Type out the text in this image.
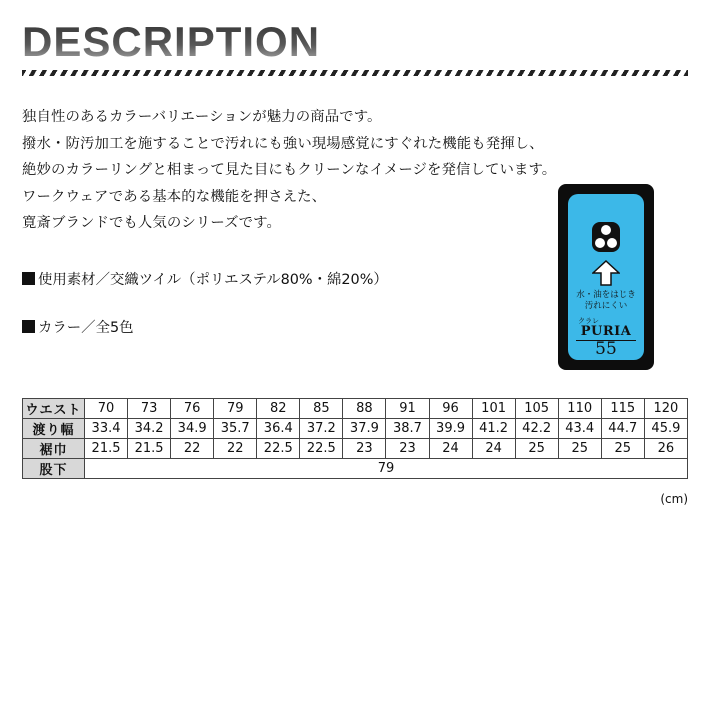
DESCRIPTION
独自性のあるカラーバリエーションが魅力の商品です。
撥水・防汚加工を施することで汚れにも強い現場感覚にすぐれた機能も発揮し、
絶妙のカラーリングと相まって見た目にもクリーンなイメージを発信しています。
ワークウェアである基本的な機能を押さえた、
寛斎ブランドでも人気のシリーズです。
使用素材／交織ツイル（ポリエステル80%・綿20%）
カラー／全5色
水・油をはじき
汚れにくい
クラレ
PURIA
55
ウエスト	70	73	76	79	82	85	88	91	96	101	105	110	115	120
渡り幅	33.4	34.2	34.9	35.7	36.4	37.2	37.9	38.7	39.9	41.2	42.2	43.4	44.7	45.9
裾巾	21.5	21.5	22	22	22.5	22.5	23	23	24	24	25	25	25	26
股下	79													
(cm)
